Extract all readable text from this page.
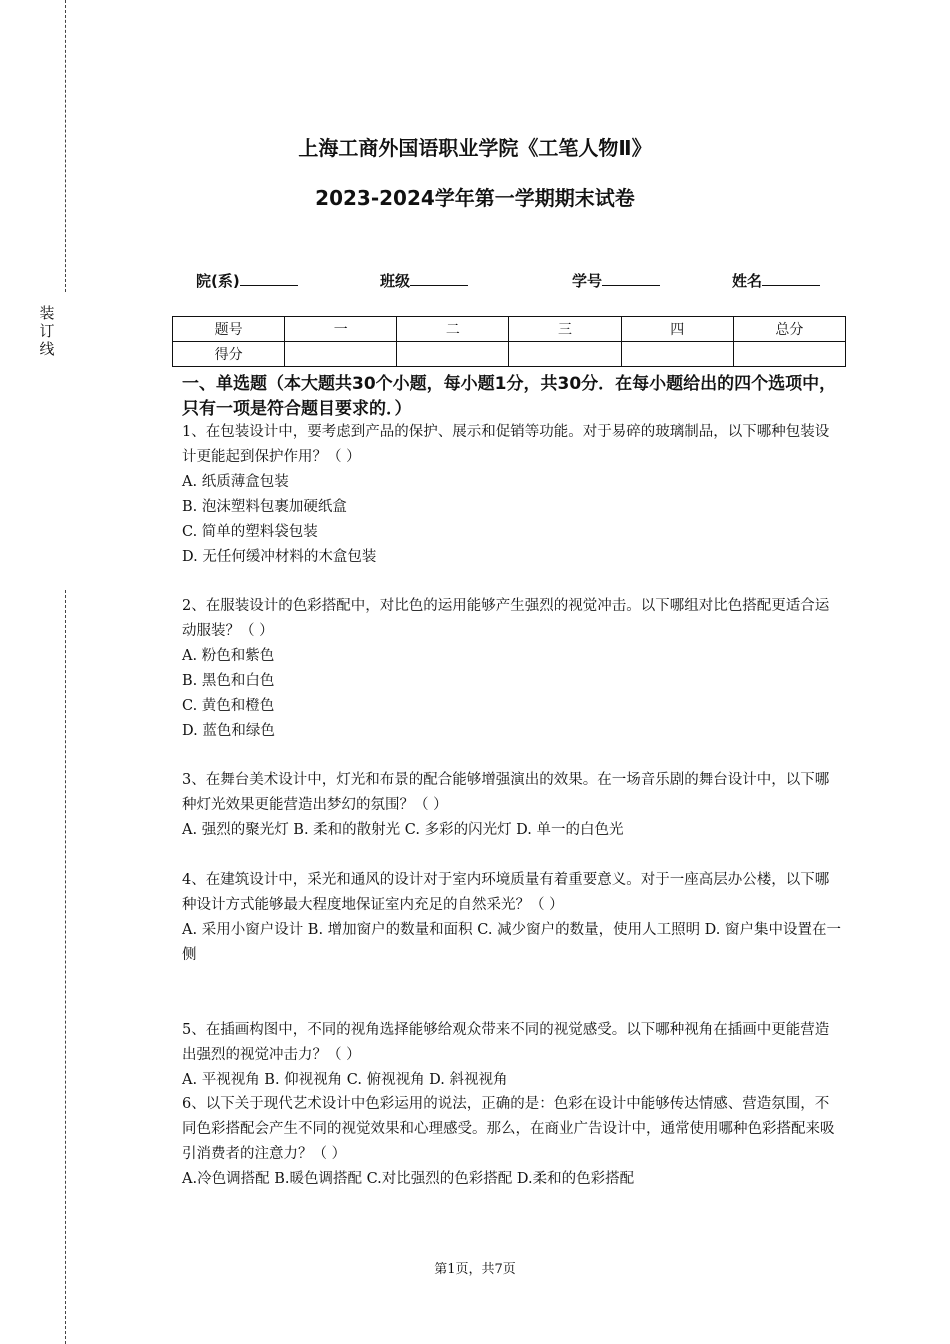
装
订
线
上海工商外国语职业学院《工笔人物Ⅱ》
2023-2024学年第一学期期末试卷
院(系)	班级	学号	姓名
题号	一	二	三	四	总分
得分					
一、单选题（本大题共30个小题，每小题1分，共30分．在每小题给出的四个选项中，只有一项是符合题目要求的．）

1、在包装设计中，要考虑到产品的保护、展示和促销等功能。对于易碎的玻璃制品，以下哪种包装设计更能起到保护作用？（ ）

A. 纸质薄盒包装

B. 泡沫塑料包裹加硬纸盒

C. 简单的塑料袋包装

D. 无任何缓冲材料的木盒包装

2、在服装设计的色彩搭配中，对比色的运用能够产生强烈的视觉冲击。以下哪组对比色搭配更适合运动服装？（ ）

A. 粉色和紫色

B. 黑色和白色

C. 黄色和橙色

D. 蓝色和绿色

3、在舞台美术设计中，灯光和布景的配合能够增强演出的效果。在一场音乐剧的舞台设计中，以下哪种灯光效果更能营造出梦幻的氛围？（ ）

A. 强烈的聚光灯 B. 柔和的散射光 C. 多彩的闪光灯 D. 单一的白色光

4、在建筑设计中，采光和通风的设计对于室内环境质量有着重要意义。对于一座高层办公楼，以下哪种设计方式能够最大程度地保证室内充足的自然采光？（ ）

A. 采用小窗户设计 B. 增加窗户的数量和面积 C. 减少窗户的数量，使用人工照明 D. 窗户集中设置在一侧

5、在插画构图中，不同的视角选择能够给观众带来不同的视觉感受。以下哪种视角在插画中更能营造出强烈的视觉冲击力？（ ）

A. 平视视角 B. 仰视视角 C. 俯视视角 D. 斜视视角

6、以下关于现代艺术设计中色彩运用的说法，正确的是：色彩在设计中能够传达情感、营造氛围，不同色彩搭配会产生不同的视觉效果和心理感受。那么，在商业广告设计中，通常使用哪种色彩搭配来吸引消费者的注意力？（ ）

A.冷色调搭配 B.暖色调搭配 C.对比强烈的色彩搭配 D.柔和的色彩搭配

第1页，共7页
